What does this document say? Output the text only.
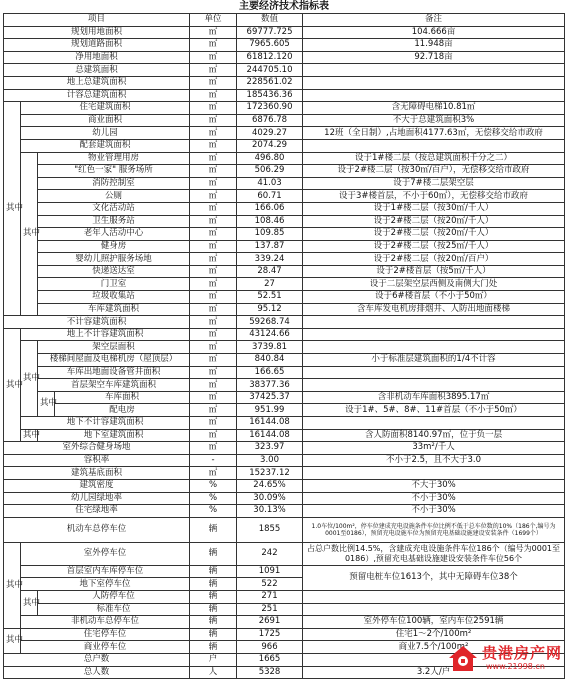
主要经济技术指标表
项目				单位	数值	备注
规划用地面积				㎡	69777.725	104.666亩
规划道路面积				㎡	7965.605	11.948亩
净用地面积				㎡	61812.120	92.718亩
总建筑面积				㎡	244705.10	
地上总建筑面积				㎡	228561.02	
计容总建筑面积				㎡	185436.36	
其中	住宅建筑面积			㎡	172360.90	含无障碍电梯10.81㎡
	商业面积			㎡	6876.78	不大于总建筑面积3%
	幼儿园			㎡	4029.27	12班（全日制）,占地面积4177.63㎡，无偿移交给市政府
	配套建筑面积			㎡	2074.29	
	其中	物业管理用房		㎡	496.80	设于1#楼二层（按总建筑面积千分之二）
		"红色一家" 服务场所		㎡	506.29	设于2#楼二层（按30㎡/百户），无偿移交给市政府
		消防控制室		㎡	41.03	设于7#楼二层架空层
		公厕		㎡	60.71	设于3#楼首层，不小于60㎡），无偿移交给市政府
		文化活动站		㎡	166.06	设于1#楼二层（按30㎡/千人）
		卫生服务站		㎡	108.46	设于2#楼二层（按20㎡/千人）
		老年人活动中心		㎡	109.85	设于2#楼二层（按20㎡/千人）
		健身房		㎡	137.87	设于2#楼二层（按25㎡/千人）
		婴幼儿照护服务场地		㎡	339.24	设于2#楼二层（按20㎡/百户）
		快递送达室		㎡	28.47	设于2#楼首层（按5㎡/千人）
		门卫室		㎡	27	设于二层架空层西侧及南侧大门处
		垃圾收集站		㎡	52.51	设于6#楼首层（不小于50㎡）
		车库建筑面积		㎡	95.12	含车库发电机房排烟井、人防出地面楼梯
不计容建筑面积				㎡	59268.74	
其中	地上不计容建筑面积			㎡	43124.66	
	其中	架空层面积		㎡	3739.81	
		楼梯间屋面及电梯机房（屋顶层）		㎡	840.84	小于标准层建筑面积的1/4不计容
		车库出地面设备管井面积		㎡	166.65	
		首层架空车库建筑面积		㎡	38377.36	
		其中	车库面积	㎡	37425.37	含非机动车库面积3895.17㎡
			配电房	㎡	951.99	设于1#、5#、8#、11#首层（不小于50㎡）
	地下不计容建筑面积			㎡	16144.08	
	其中	地下室建筑面积		㎡	16144.08	含人防面积8140.97㎡，位于负一层
室外综合健身场地				㎡	323.97	33m²/千人
容积率				-	3.00	不小于2.5，且不大于3.0
建筑基底面积				㎡	15237.12	
建筑密度				%	24.65%	不大于30%
幼儿园绿地率				%	30.09%	不小于30%
住宅绿地率				%	30.13%	不小于30%
机动车总停车位				辆	1855	1.0车位/100m²，停车位建成充电设施条件车位比例不低于总车位数的10%（186个,编号为0001至0186），预留充电设施车位为预留充电基础设施建设安装条件（1699个）
其中	室外停车位			辆	242	占总户数比例14.5%，含建成充电设施条件车位186个（编号为0001至0186）,预留充电基础设施建设安装条件车位56个
	首层室内车库停车位			辆	1091	预留电桩车位1613个，其中无障碍车位38个
	地下室停车位			辆	522	
	其中	人防停车位		辆	271	
		标准车位		辆	251	
	非机动车总停车位			辆	2691	室外停车位100辆，室内车位2591辆
其中	住宅停车位			辆	1725	住宅1～2个/100m²
	商业停车位			辆	966	商业7.5个/100m²
总户数				户	1665	
总人数				人	5328	3.2人/户
贵港房产网
www.21998.cn
